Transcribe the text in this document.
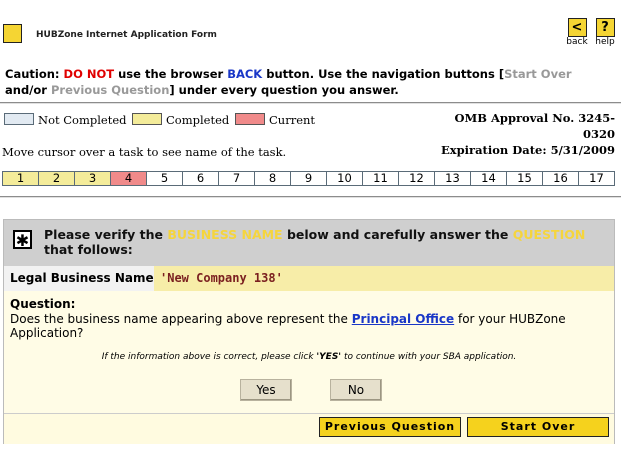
HUBZone Internet Application Form	<
back
?
help
Caution: DO NOT use the browser BACK button. Use the navigation buttons [Start Over
and/or Previous Question] under every question you answer.
Not Completed	Completed	Current	OMB Approval No. 3245-0320
Expiration Date: 5/31/2009
Move cursor over a task to see name of the task.
1	2	3	4	5	6	7	8	9	10	11	12	13	14	15	16	17
✱ Please verify the BUSINESS NAME below and carefully answer the QUESTION that follows:
Legal Business Name 'New Company 138'
Question:
Does the business name appearing above represent the Principal Office for your HUBZone Application?
If the information above is correct, please click 'YES' to continue with your SBA application.
Yes	No
Previous Question	Start Over
